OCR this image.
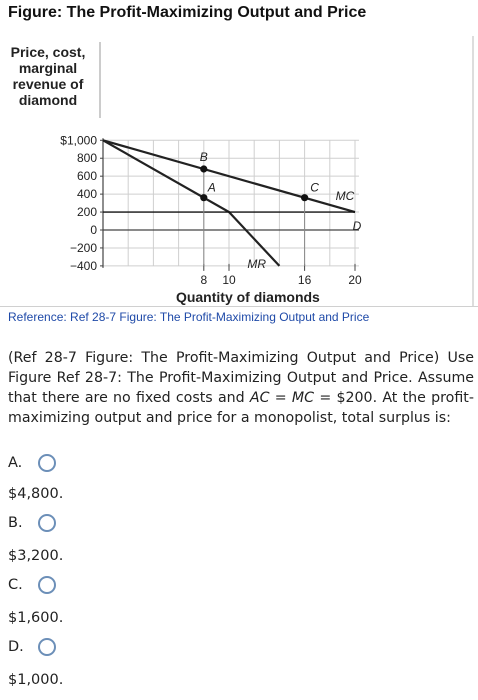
Figure: The Profit-Maximizing Output and Price
Price, cost,
marginal
revenue of
diamond
$1,000
800
600
400
200
0
−200
−400
8 10	16	20
Quantity of diamonds
B
A	C
MC
D
MR
Reference: Ref 28-7 Figure: The Profit-Maximizing Output and Price
(Ref 28-7 Figure: The Profit-Maximizing Output and Price) Use Figure Ref 28-7: The Profit-Maximizing Output and Price. Assume that there are no fixed costs and AC = MC = $200. At the profit-maximizing output and price for a monopolist, total surplus is:
A.
$4,800.
B.
$3,200.
C.
$1,600.
D.
$1,000.
